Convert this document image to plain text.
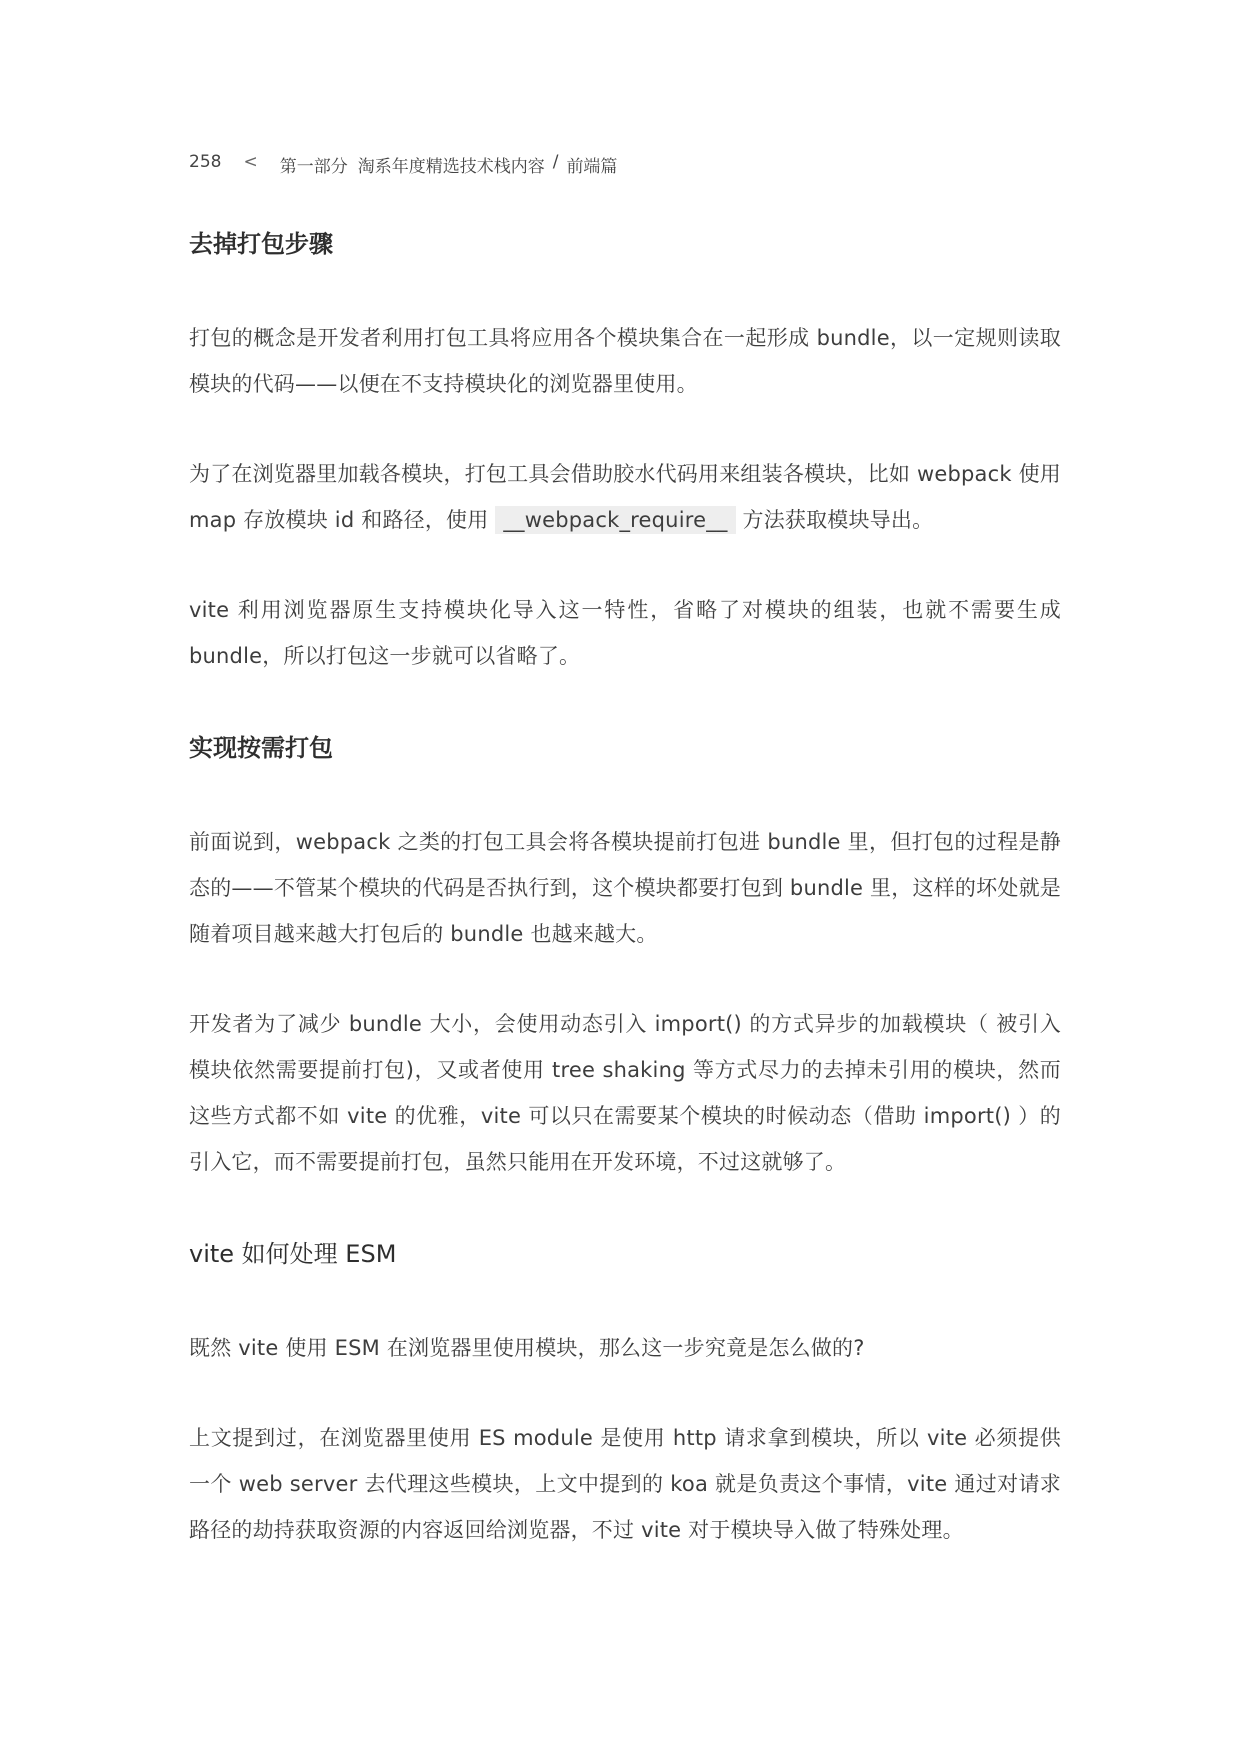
258 < 第一部分 淘系年度精选技术栈内容 / 前端篇
去掉打包步骤

打包的概念是开发者利用打包工具将应用各个模块集合在一起形成 bundle，以一定规则读取模块的代码——以便在不支持模块化的浏览器里使用。

为了在浏览器里加载各模块，打包工具会借助胶水代码用来组装各模块，比如 webpack 使用 map 存放模块 id 和路径，使用 __webpack_require__ 方法获取模块导出。

vite 利用浏览器原生支持模块化导入这一特性，省略了对模块的组装，也就不需要生成 bundle，所以打包这一步就可以省略了。

实现按需打包

前面说到，webpack 之类的打包工具会将各模块提前打包进 bundle 里，但打包的过程是静态的——不管某个模块的代码是否执行到，这个模块都要打包到 bundle 里，这样的坏处就是随着项目越来越大打包后的 bundle 也越来越大。

开发者为了减少 bundle 大小，会使用动态引入 import() 的方式异步的加载模块（ 被引入模块依然需要提前打包)，又或者使用 tree shaking 等方式尽力的去掉未引用的模块，然而这些方式都不如 vite 的优雅，vite 可以只在需要某个模块的时候动态（借助 import() ）的引入它，而不需要提前打包，虽然只能用在开发环境，不过这就够了。

vite 如何处理 ESM

既然 vite 使用 ESM 在浏览器里使用模块，那么这一步究竟是怎么做的?

上文提到过，在浏览器里使用 ES module 是使用 http 请求拿到模块，所以 vite 必须提供一个 web server 去代理这些模块，上文中提到的 koa 就是负责这个事情，vite 通过对请求路径的劫持获取资源的内容返回给浏览器，不过 vite 对于模块导入做了特殊处理。
